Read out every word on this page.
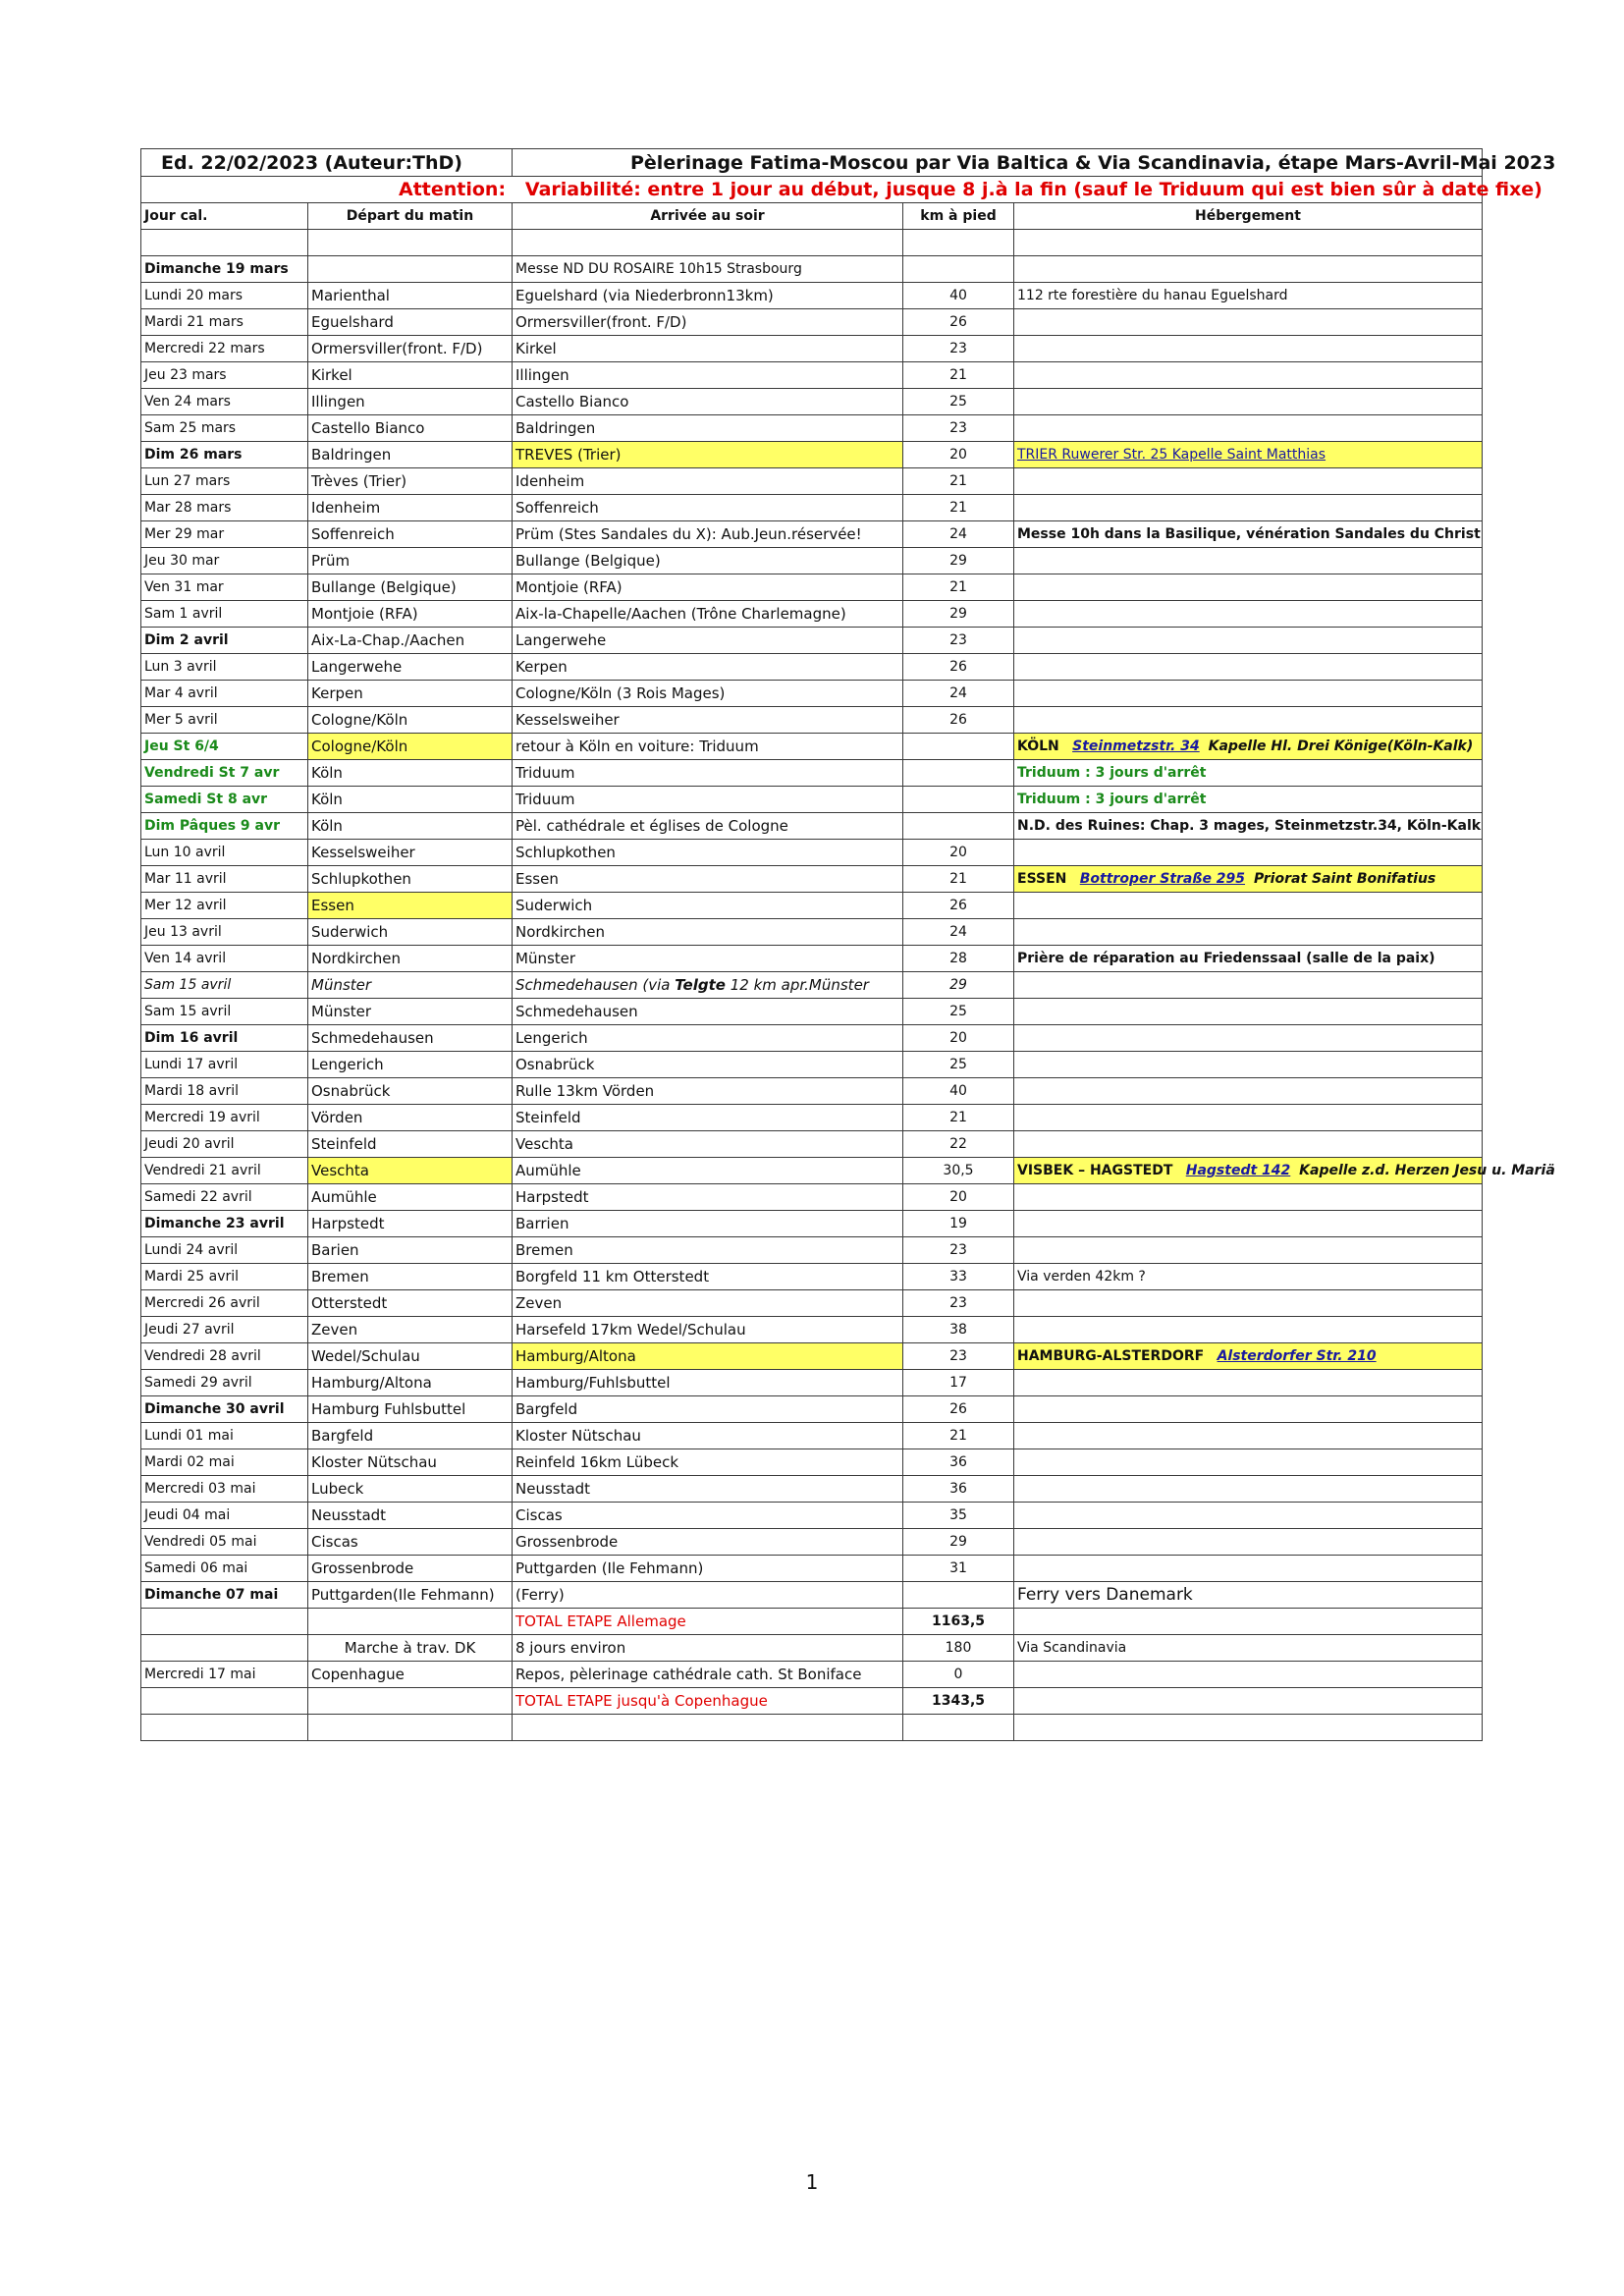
Ed. 22/02/2023 (Auteur:ThD)		Pèlerinage Fatima-Moscou par Via Baltica & Via Scandinavia, étape Mars-Avril-Mai 2023		
Attention: Variabilité: entre 1 jour au début, jusque 8 j.à la fin (sauf le Triduum qui est bien sûr à date fixe)				
Jour cal.	Départ du matin	Arrivée au soir	km à pied	Hébergement

Dimanche 19 mars		Messe ND DU ROSAIRE 10h15 Strasbourg		
Lundi 20 mars	Marienthal	Eguelshard (via Niederbronn13km)	40	112 rte forestière du hanau Eguelshard
Mardi 21 mars	Eguelshard	Ormersviller(front. F/D)	26	
Mercredi 22 mars	Ormersviller(front. F/D)	Kirkel	23	
Jeu 23 mars	Kirkel	Illingen	21	
Ven 24 mars	Illingen	Castello Bianco	25	
Sam 25 mars	Castello Bianco	Baldringen	23	
Dim 26 mars	Baldringen	TREVES (Trier)	20	TRIER Ruwerer Str. 25 Kapelle Saint Matthias
Lun 27 mars	Trèves (Trier)	Idenheim	21	
Mar 28 mars	Idenheim	Soffenreich	21	
Mer 29 mar	Soffenreich	Prüm (Stes Sandales du X): Aub.Jeun.réservée!	24	Messe 10h dans la Basilique, vénération Sandales du Christ
Jeu 30 mar	Prüm	Bullange (Belgique)	29	
Ven 31 mar	Bullange (Belgique)	Montjoie (RFA)	21	
Sam 1 avril	Montjoie (RFA)	Aix-la-Chapelle/Aachen (Trône Charlemagne)	29	
Dim 2 avril	Aix-La-Chap./Aachen	Langerwehe	23	
Lun 3 avril	Langerwehe	Kerpen	26	
Mar 4 avril	Kerpen	Cologne/Köln (3 Rois Mages)	24	
Mer 5 avril	Cologne/Köln	Kesselsweiher	26	
Jeu St 6/4	Cologne/Köln	retour à Köln en voiture: Triduum		KÖLN Steinmetzstr. 34 Kapelle Hl. Drei Könige(Köln-Kalk)
Vendredi St 7 avr	Köln	Triduum		Triduum : 3 jours d'arrêt
Samedi St 8 avr	Köln	Triduum		Triduum : 3 jours d'arrêt
Dim Pâques 9 avr	Köln	Pèl. cathédrale et églises de Cologne		N.D. des Ruines: Chap. 3 mages, Steinmetzstr.34, Köln-Kalk
Lun 10 avril	Kesselsweiher	Schlupkothen	20	
Mar 11 avril	Schlupkothen	Essen	21	ESSEN Bottroper Straße 295 Priorat Saint Bonifatius
Mer 12 avril	Essen	Suderwich	26	
Jeu 13 avril	Suderwich	Nordkirchen	24	
Ven 14 avril	Nordkirchen	Münster	28	Prière de réparation au Friedenssaal (salle de la paix)
Sam 15 avril	Münster	Schmedehausen (via Telgte 12 km apr.Münster	29	
Sam 15 avril	Münster	Schmedehausen	25	
Dim 16 avril	Schmedehausen	Lengerich	20	
Lundi 17 avril	Lengerich	Osnabrück	25	
Mardi 18 avril	Osnabrück	Rulle 13km Vörden	40	
Mercredi 19 avril	Vörden	Steinfeld	21	
Jeudi 20 avril	Steinfeld	Veschta	22	
Vendredi 21 avril	Veschta	Aumühle	30,5	VISBEK – HAGSTEDT Hagstedt 142 Kapelle z.d. Herzen Jesu u. Mariä
Samedi 22 avril	Aumühle	Harpstedt	20	
Dimanche 23 avril	Harpstedt	Barrien	19	
Lundi 24 avril	Barien	Bremen	23	
Mardi 25 avril	Bremen	Borgfeld 11 km Otterstedt	33	Via verden 42km ?
Mercredi 26 avril	Otterstedt	Zeven	23	
Jeudi 27 avril	Zeven	Harsefeld 17km Wedel/Schulau	38	
Vendredi 28 avril	Wedel/Schulau	Hamburg/Altona	23	HAMBURG-ALSTERDORF Alsterdorfer Str. 210
Samedi 29 avril	Hamburg/Altona	Hamburg/Fuhlsbuttel	17	
Dimanche 30 avril	Hamburg Fuhlsbuttel	Bargfeld	26	
Lundi 01 mai	Bargfeld	Kloster Nütschau	21	
Mardi 02 mai	Kloster Nütschau	Reinfeld 16km Lübeck	36	
Mercredi 03 mai	Lubeck	Neusstadt	36	
Jeudi 04 mai	Neusstadt	Ciscas	35	
Vendredi 05 mai	Ciscas	Grossenbrode	29	
Samedi 06 mai	Grossenbrode	Puttgarden (Ile Fehmann)	31	
Dimanche 07 mai	Puttgarden(Ile Fehmann)	(Ferry)		Ferry vers Danemark
		TOTAL ETAPE Allemage	1163,5	
	Marche à trav. DK	8 jours environ	180	Via Scandinavia
Mercredi 17 mai	Copenhague	Repos, pèlerinage cathédrale cath. St Boniface	0	
		TOTAL ETAPE jusqu'à Copenhague	1343,5	

1
